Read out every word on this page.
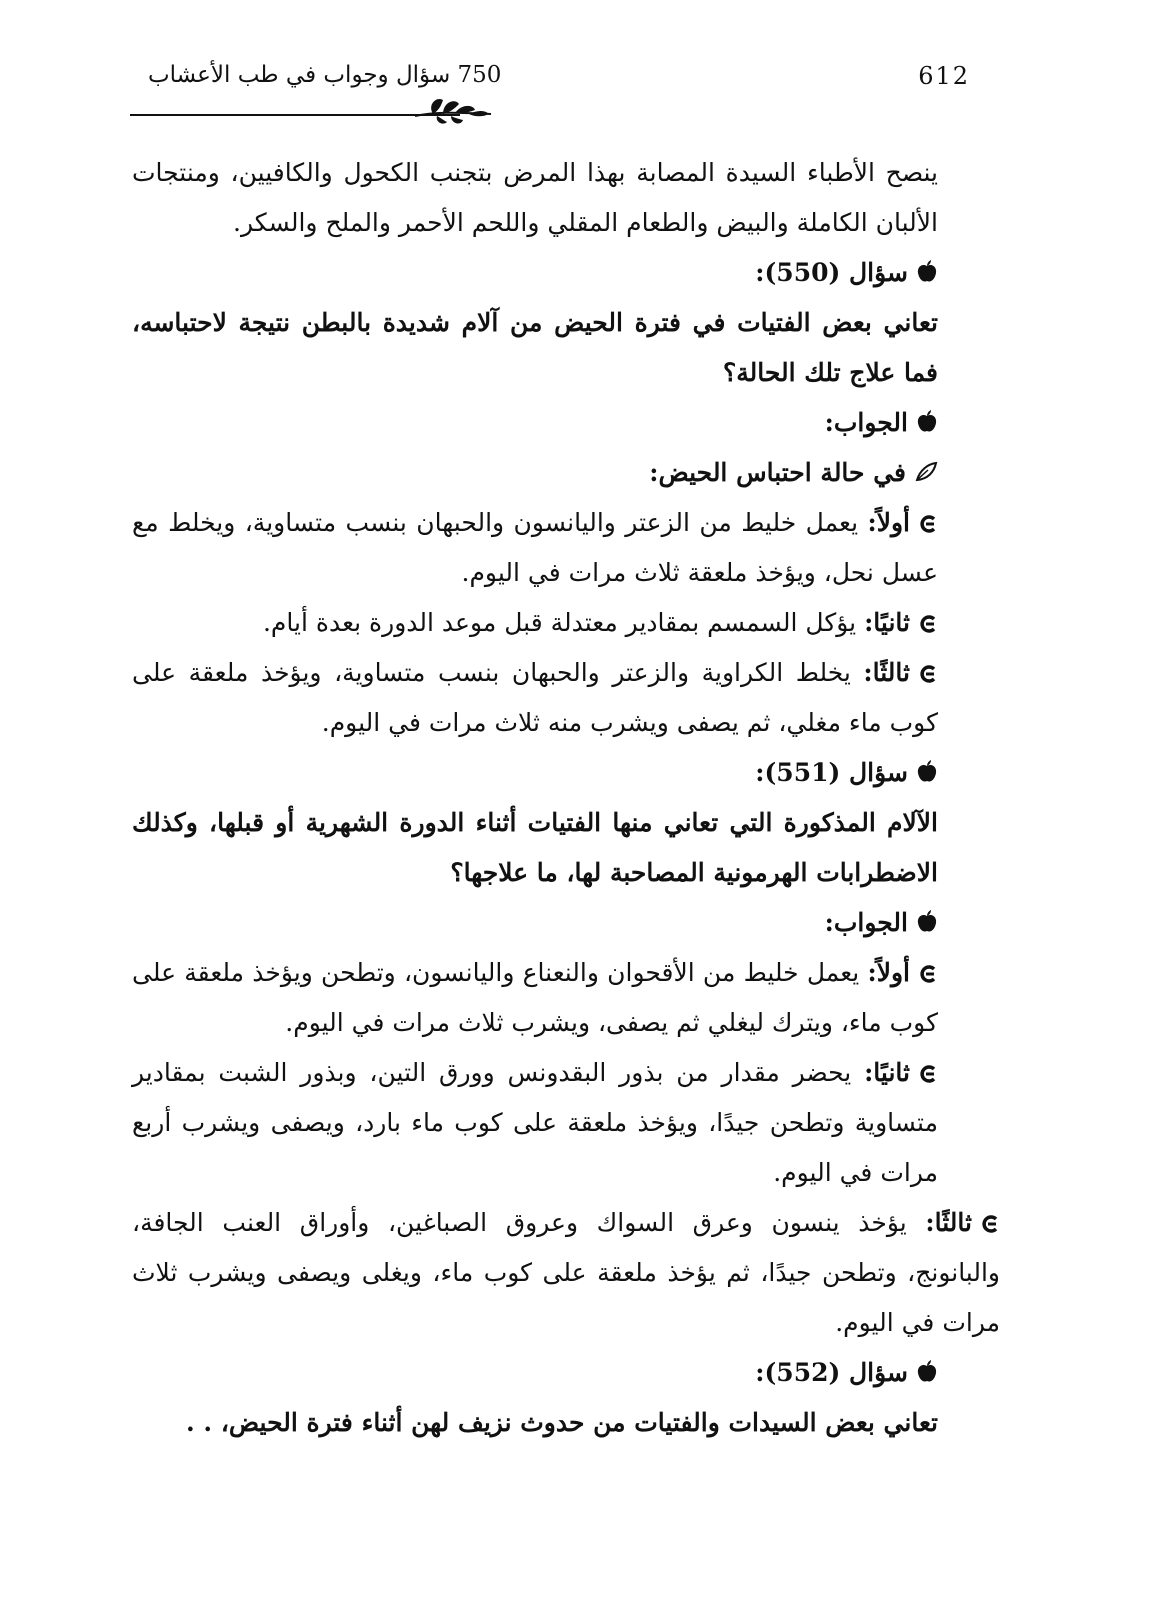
750 سؤال وجواب في طب الأعشاب	612
ينصح الأطباء السيدة المصابة بهذا المرض بتجنب الكحول والكافيين، ومنتجات الألبان الكاملة والبيض والطعام المقلي واللحم الأحمر والملح والسكر.
سؤال (550):
تعاني بعض الفتيات في فترة الحيض من آلام شديدة بالبطن نتيجة لاحتباسه، فما علاج تلك الحالة؟
الجواب:
في حالة احتباس الحيض:
أولاً: يعمل خليط من الزعتر واليانسون والحبهان بنسب متساوية، ويخلط مع عسل نحل، ويؤخذ ملعقة ثلاث مرات في اليوم.
ثانيًا: يؤكل السمسم بمقادير معتدلة قبل موعد الدورة بعدة أيام.
ثالثًا: يخلط الكراوية والزعتر والحبهان بنسب متساوية، ويؤخذ ملعقة على كوب ماء مغلي، ثم يصفى ويشرب منه ثلاث مرات في اليوم.
سؤال (551):
الآلام المذكورة التي تعاني منها الفتيات أثناء الدورة الشهرية أو قبلها، وكذلك الاضطرابات الهرمونية المصاحبة لها، ما علاجها؟
الجواب:
أولاً: يعمل خليط من الأقحوان والنعناع واليانسون، وتطحن ويؤخذ ملعقة على كوب ماء، ويترك ليغلي ثم يصفى، ويشرب ثلاث مرات في اليوم.
ثانيًا: يحضر مقدار من بذور البقدونس وورق التين، وبذور الشبت بمقادير متساوية وتطحن جيدًا، ويؤخذ ملعقة على كوب ماء بارد، ويصفى ويشرب أربع مرات في اليوم.
ثالثًا: يؤخذ ينسون وعرق السواك وعروق الصباغين، وأوراق العنب الجافة، والبانونج، وتطحن جيدًا، ثم يؤخذ ملعقة على كوب ماء، ويغلى ويصفى ويشرب ثلاث مرات في اليوم.
سؤال (552):
تعاني بعض السيدات والفتيات من حدوث نزيف لهن أثناء فترة الحيض، . .
